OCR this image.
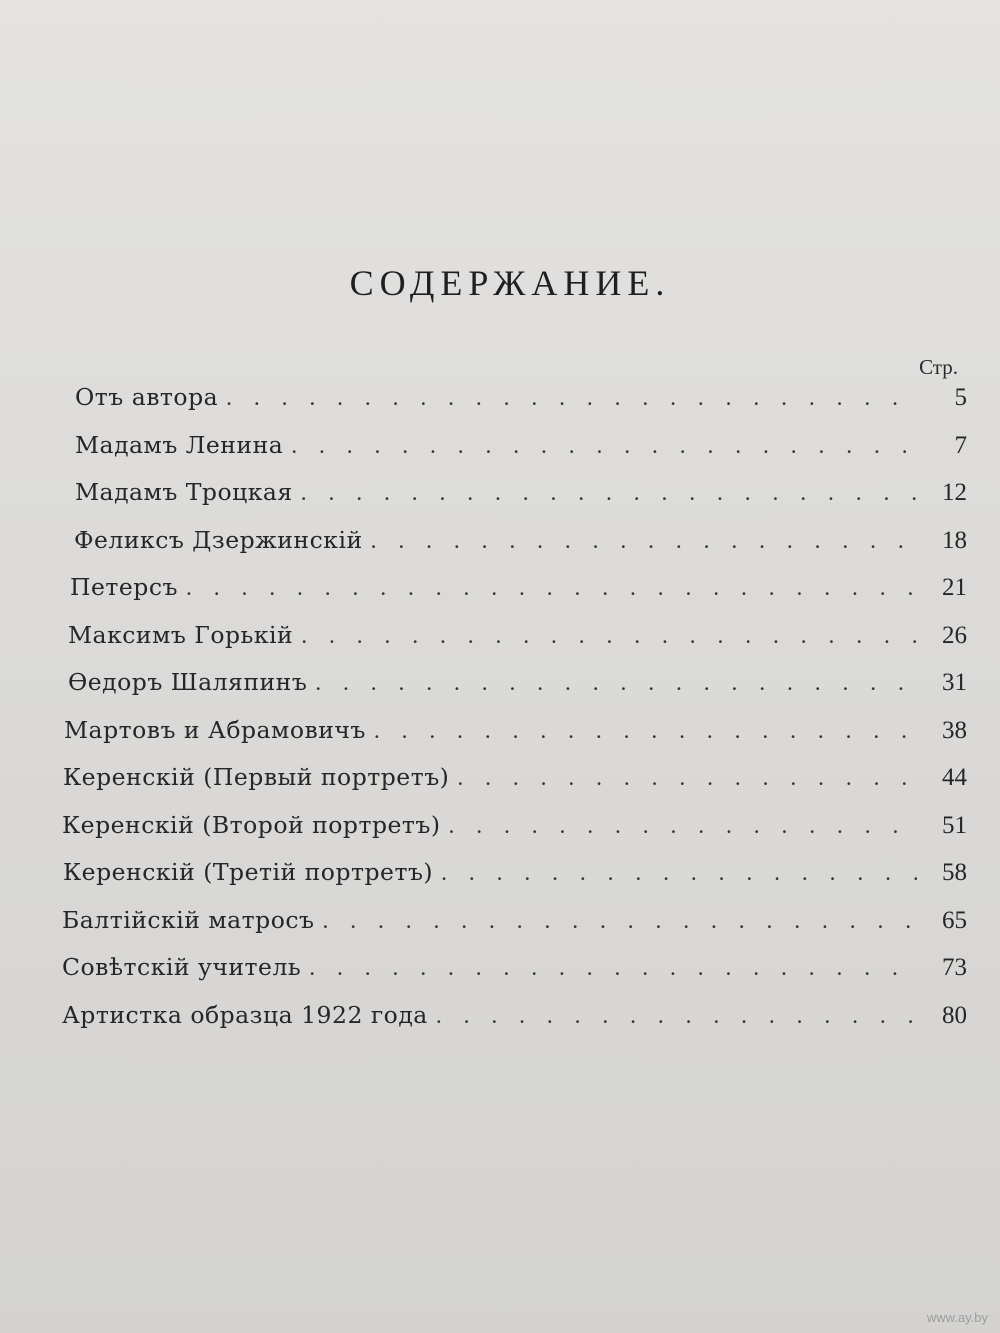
СОДЕРЖАНИЕ.
Стр.
Отъ автора . . .	5
Мадамъ Ленина . . .	7
Мадамъ Троцкая . . .	12
Феликсъ Дзержинскій . . .	18
Петерсъ . . .	21
Максимъ Горькій . . .	26
Ѳедоръ Шаляпинъ . . .	31
Мартовъ и Абрамовичъ . . .	38
Керенскій (Первый портретъ) . . .	44
Керенскій (Второй портретъ) . . .	51
Керенскій (Третій портретъ) . . .	58
Балтійскій матросъ . . .	65
Совѣтскій учитель . . .	73
Артистка образца 1922 года . . .	80
www.ay.by
